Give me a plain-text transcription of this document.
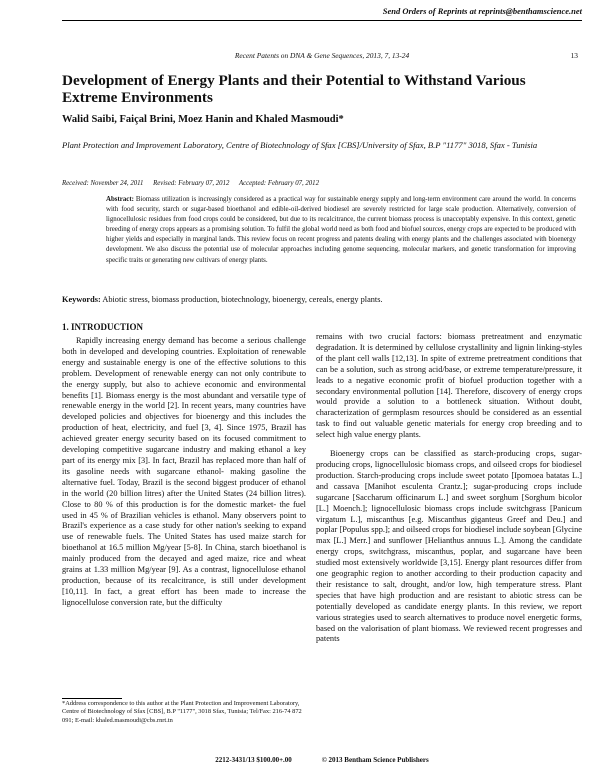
Send Orders of Reprints at reprints@benthamscience.net
Recent Patents on DNA & Gene Sequences, 2013, 7, 13-24	13
Development of Energy Plants and their Potential to Withstand Various Extreme Environments
Walid Saibi, Faiçal Brini, Moez Hanin and Khaled Masmoudi*
Plant Protection and Improvement Laboratory, Centre of Biotechnology of Sfax [CBS]/University of Sfax, B.P "1177" 3018, Sfax - Tunisia
Received: November 24, 2011 Revised: February 07, 2012 Accepted: February 07, 2012
Abstract: Biomass utilization is increasingly considered as a practical way for sustainable energy supply and long-term environment care around the world. In concerns with food security, starch or sugar-based bioethanol and edible-oil-derived biodiesel are severely restricted for large scale production. Alternatively, conversion of lignocellulosic residues from food crops could be considered, but due to its recalcitrance, the current biomass process is unacceptably expensive. In this context, genetic breeding of energy crops appears as a promising solution. To fulfil the global world need as both food and biofuel sources, energy crops are expected to be produced with higher yields and especially in marginal lands. This review focus on recent progress and patents dealing with energy plants and the challenges associated with bioenergy development. We also discuss the potential use of molecular approaches including genome sequencing, molecular markers, and genetic transformation for improving specific traits or generating new cultivars of energy plants.
Keywords: Abiotic stress, biomass production, biotechnology, bioenergy, cereals, energy plants.
1. INTRODUCTION

Rapidly increasing energy demand has become a serious challenge both in developed and developing countries. Exploitation of renewable energy and sustainable energy is one of the effective solutions to this problem. Development of renewable energy can not only contribute to the energy supply, but also to achieve economic and environmental benefits [1]. Biomass energy is the most abundant and versatile type of renewable energy in the world [2]. In recent years, many countries have developed policies and objectives for bioenergy and this includes the production of heat, electricity, and fuel [3, 4]. Since 1975, Brazil has achieved greater energy security based on its focused commitment to developing competitive sugarcane industry and making ethanol a key part of its energy mix [3]. In fact, Brazil has replaced more than half of its gasoline needs with sugarcane ethanol- making gasoline the alternative fuel. Today, Brazil is the second biggest producer of ethanol in the world (20 billion litres) after the United States (24 billion litres). Close to 80 % of this production is for the domestic market- the fuel used in 45 % of Brazilian vehicles is ethanol. Many observers point to Brazil's experience as a case study for other nation's seeking to expand use of renewable fuels. The United States has used maize starch for bioethanol at 16.5 million Mg/year [5-8]. In China, starch bioethanol is mainly produced from the decayed and aged maize, rice and wheat grains at 1.33 million Mg/year [9]. As a contrast, lignocellulose ethanol production, because of its recalcitrance, is still under development [10,11]. In fact, a great effort has been made to increase the lignocellulose conversion rate, but the difficulty

remains with two crucial factors: biomass pretreatment and enzymatic degradation. It is determined by cellulose crystallinity and lignin linking-styles of the plant cell walls [12,13]. In spite of extreme pretreatment conditions that can be a solution, such as strong acid/base, or extreme temperature/pressure, it leads to a negative economic profit of biofuel production together with a secondary environmental pollution [14]. Therefore, discovery of energy crops would provide a solution to a bottleneck situation. Without doubt, characterization of germplasm resources should be considered as an essential task to find out valuable genetic materials for energy crop breeding and to select high value energy plants.

Bioenergy crops can be classified as starch-producing crops, sugar-producing crops, lignocellulosic biomass crops, and oilseed crops for biodiesel production. Starch-producing crops include sweet potato [Ipomoea batatas L.] and cassava [Manihot esculenta Crantz.]; sugar-producing crops include sugarcane [Saccharum officinarum L.] and sweet sorghum [Sorghum bicolor [L.] Moench.]; lignocellulosic biomass crops include switchgrass [Panicum virgatum L.], miscanthus [e.g. Miscanthus giganteus Greef and Deu.] and poplar [Populus spp.]; and oilseed crops for biodiesel include soybean [Glycine max [L.] Merr.] and sunflower [Helianthus annuus L.]. Among the candidate energy crops, switchgrass, miscanthus, poplar, and sugarcane have been studied most extensively worldwide [3,15]. Energy plant resources differ from one geographic region to another according to their production capacity and their resistance to salt, drought, and/or low, high temperature stress. Plant species that have high production and are resistant to abiotic stress can be potentially developed as candidate energy plants. In this review, we report various strategies used to search alternatives to produce novel energetic forms, based on the valorisation of plant biomass. We reviewed recent progresses and patents

*Address correspondence to this author at the Plant Protection and Improvement Laboratory, Centre of Biotechnology of Sfax [CBS], B.P "1177", 3018 Sfax, Tunisia; Tel/Fax: 216-74 872 091; E-mail: khaled.masmoudi@cbs.rnrt.tn
2212-3431/13 $100.00+.00	© 2013 Bentham Science Publishers
